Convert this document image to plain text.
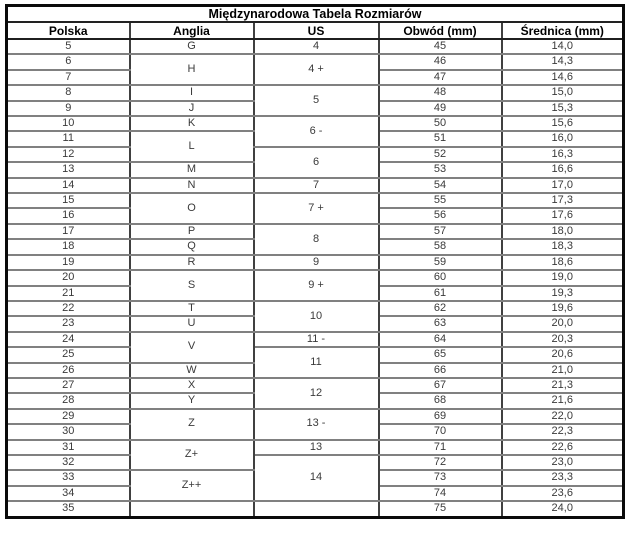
Międzynarodowa Tabela Rozmiarów				
Polska	Anglia	US	Obwód (mm)	Średnica (mm)
5	G	4	45	14,0
6	H	4 +	46	14,3
7			47	14,6
8	I	5	48	15,0
9	J		49	15,3
10	K	6 -	50	15,6
11	L		51	16,0
12		6	52	16,3
13	M		53	16,6
14	N	7	54	17,0
15	O	7 +	55	17,3
16			56	17,6
17	P	8	57	18,0
18	Q		58	18,3
19	R	9	59	18,6
20	S	9 +	60	19,0
21			61	19,3
22	T	10	62	19,6
23	U		63	20,0
24	V	11 -	64	20,3
25		11	65	20,6
26	W		66	21,0
27	X	12	67	21,3
28	Y		68	21,6
29	Z	13 -	69	22,0
30			70	22,3
31	Z+	13	71	22,6
32		14	72	23,0
33	Z++		73	23,3
34			74	23,6
35			75	24,0
